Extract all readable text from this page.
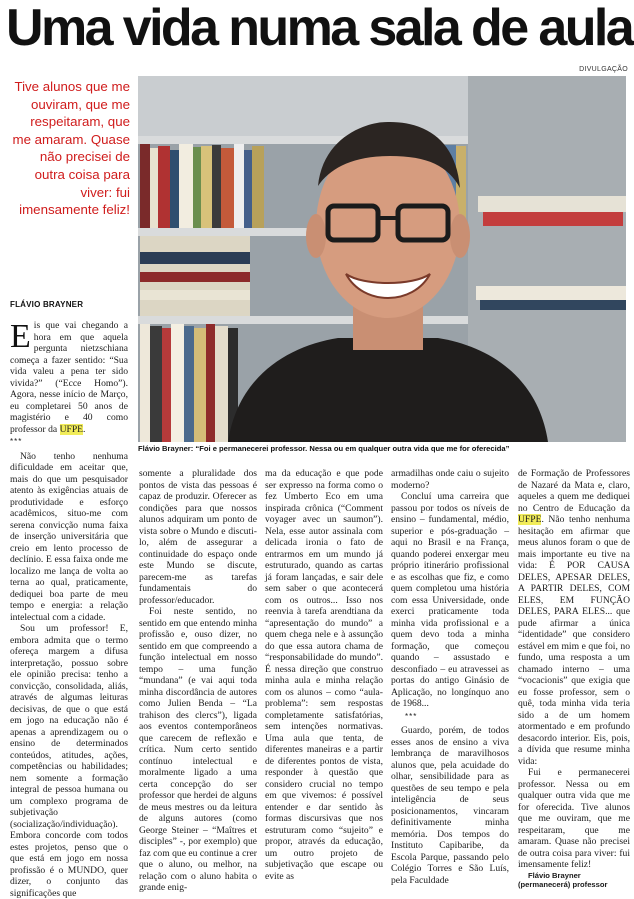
Uma vida numa sala de aula
DIVULGAÇÃO
Tive alunos que me ouviram, que me respeitaram, que me amaram. Quase não precisei de outra coisa para viver: fui imensamente feliz!
Flávio Brayner: “Foi e permanecerei professor. Nessa ou em qualquer outra vida que me for oferecida”
FLÁVIO BRAYNER

Eis que vai chegando a hora em que aquela pergunta nietzschiana começa a fazer sentido: “Sua vida valeu a pena ter sido vivida?” (“Ecce Homo”). Agora, nesse início de Março, eu completarei 50 anos de magistério e 40 como professor da UFPE.

***

Não tenho nenhuma dificuldade em aceitar que, mais do que um pesquisador atento às exigências atuais de produtividade e esforço acadêmicos, situo-me com serena convicção numa faixa de inserção universitária que creio em lento processo de declínio. E essa faixa onde me localizo me lança de volta ao terna ao qual, praticamente, dediquei boa parte de meu tempo e energia: a relação intelectual com a cidade.

Sou um professor! E, embora admita que o termo ofereça margem a difusa interpretação, possuo sobre ele opinião precisa: tenho a convicção, consolidada, aliás, através de algumas leituras decisivas, de que o que está em jogo na educação não é apenas a aprendizagem ou o ensino de determinados conteúdos, atitudes, ações, competências ou habilidades; nem somente a formação integral de pessoa humana ou um complexo programa de subjetivação (socialização/individuação). Embora concorde com todos estes projetos, penso que o que está em jogo em nossa profissão é o MUNDO, quer dizer, o conjunto das significações que

somente a pluralidade dos pontos de vista das pessoas é capaz de produzir. Oferecer as condições para que nossos alunos adquiram um ponto de vista sobre o Mundo e discuti-lo, além de assegurar a continuidade do espaço onde este Mundo se discute, parecem-me as tarefas fundamentais do professor/educador.

Foi neste sentido, no sentido em que entendo minha profissão e, ouso dizer, no sentido em que compreendo a função intelectual em nosso tempo – uma função “mundana” (e vai aqui toda minha discordância de autores como Julien Benda – “La trahison des clercs”), ligada aos eventos contemporâneos que carecem de reflexão e crítica. Num certo sentido contínuo intelectual e moralmente ligado a uma certa concepção do ser professor que herdei de alguns de meus mestres ou da leitura de alguns autores (como George Steiner – “Maîtres et disciples” -, por exemplo) que faz com que eu continue a crer que o aluno, ou melhor, na relação com o aluno habita o grande enig-

ma da educação e que pode ser expresso na forma como o fez Umberto Eco em uma inspirada crônica (“Comment voyager avec un saumon”). Nela, esse autor assinala com delicada ironia o fato de entrarmos em um mundo já estruturado, quando as cartas já foram lançadas, e sair dele sem saber o que acontecerá com os outros... Isso nos reenvia à tarefa arendtiana da “apresentação do mundo” a quem chega nele e à assunção do que essa autora chama de “responsabilidade do mundo”. É nessa direção que construo minha aula e minha relação com os alunos – como “aula-problema”: sem respostas completamente satisfatórias, sem intenções normativas. Uma aula que tenta, de diferentes maneiras e a partir de diferentes pontos de vista, responder à questão que considero crucial no tempo em que vivemos: é possível entender e dar sentido às formas discursivas que nos estruturam como “sujeito” e propor, através da educação, um outro projeto de subjetivação que escape ou evite as

armadilhas onde caiu o sujeito moderno?

Concluí uma carreira que passou por todos os níveis de ensino – fundamental, médio, superior e pós-graduação – aqui no Brasil e na França, quando poderei enxergar meu próprio itinerário profissional e as escolhas que fiz, e como quem completou uma história com essa Universidade, onde exerci praticamente toda minha vida profissional e a quem devo toda a minha formação, que começou quando – assustado e desconfiado – eu atravessei as portas do antigo Ginásio de Aplicação, no longínquo ano de 1968...

***

Guardo, porém, de todos esses anos de ensino a viva lembrança de maravilhosos alunos que, pela acuidade do olhar, sensibilidade para as questões de seu tempo e pela inteligência de seus posicionamentos, vincaram definitivamente minha memória. Dos tempos do Instituto Capibaribe, da Escola Parque, passando pelo Colégio Torres e São Luís, pela Faculdade

de Formação de Professores de Nazaré da Mata e, claro, aqueles a quem me dediquei no Centro de Educação da UFPE. Não tenho nenhuma hesitação em afirmar que meus alunos foram o que de mais importante eu tive na vida: É POR CAUSA DELES, APESAR DELES, A PARTIR DELES, COM ELES, EM FUNÇÃO DELES, PARA ELES... que pude afirmar a única “identidade” que considero estável em mim e que foi, no fundo, uma resposta a um chamado interno – uma “vocacionis” que exigia que eu fosse professor, sem o quê, toda minha vida teria sido a de um homem atormentado e em profundo desacordo interior. Eis, pois, a dívida que resume minha vida:

Fui e permanecerei professor. Nessa ou em qualquer outra vida que me for oferecida. Tive alunos que me ouviram, que me respeitaram, que me amaram. Quase não precisei de outra coisa para viver: fui imensamente feliz!

Flávio Brayner (permanecerá) professor
